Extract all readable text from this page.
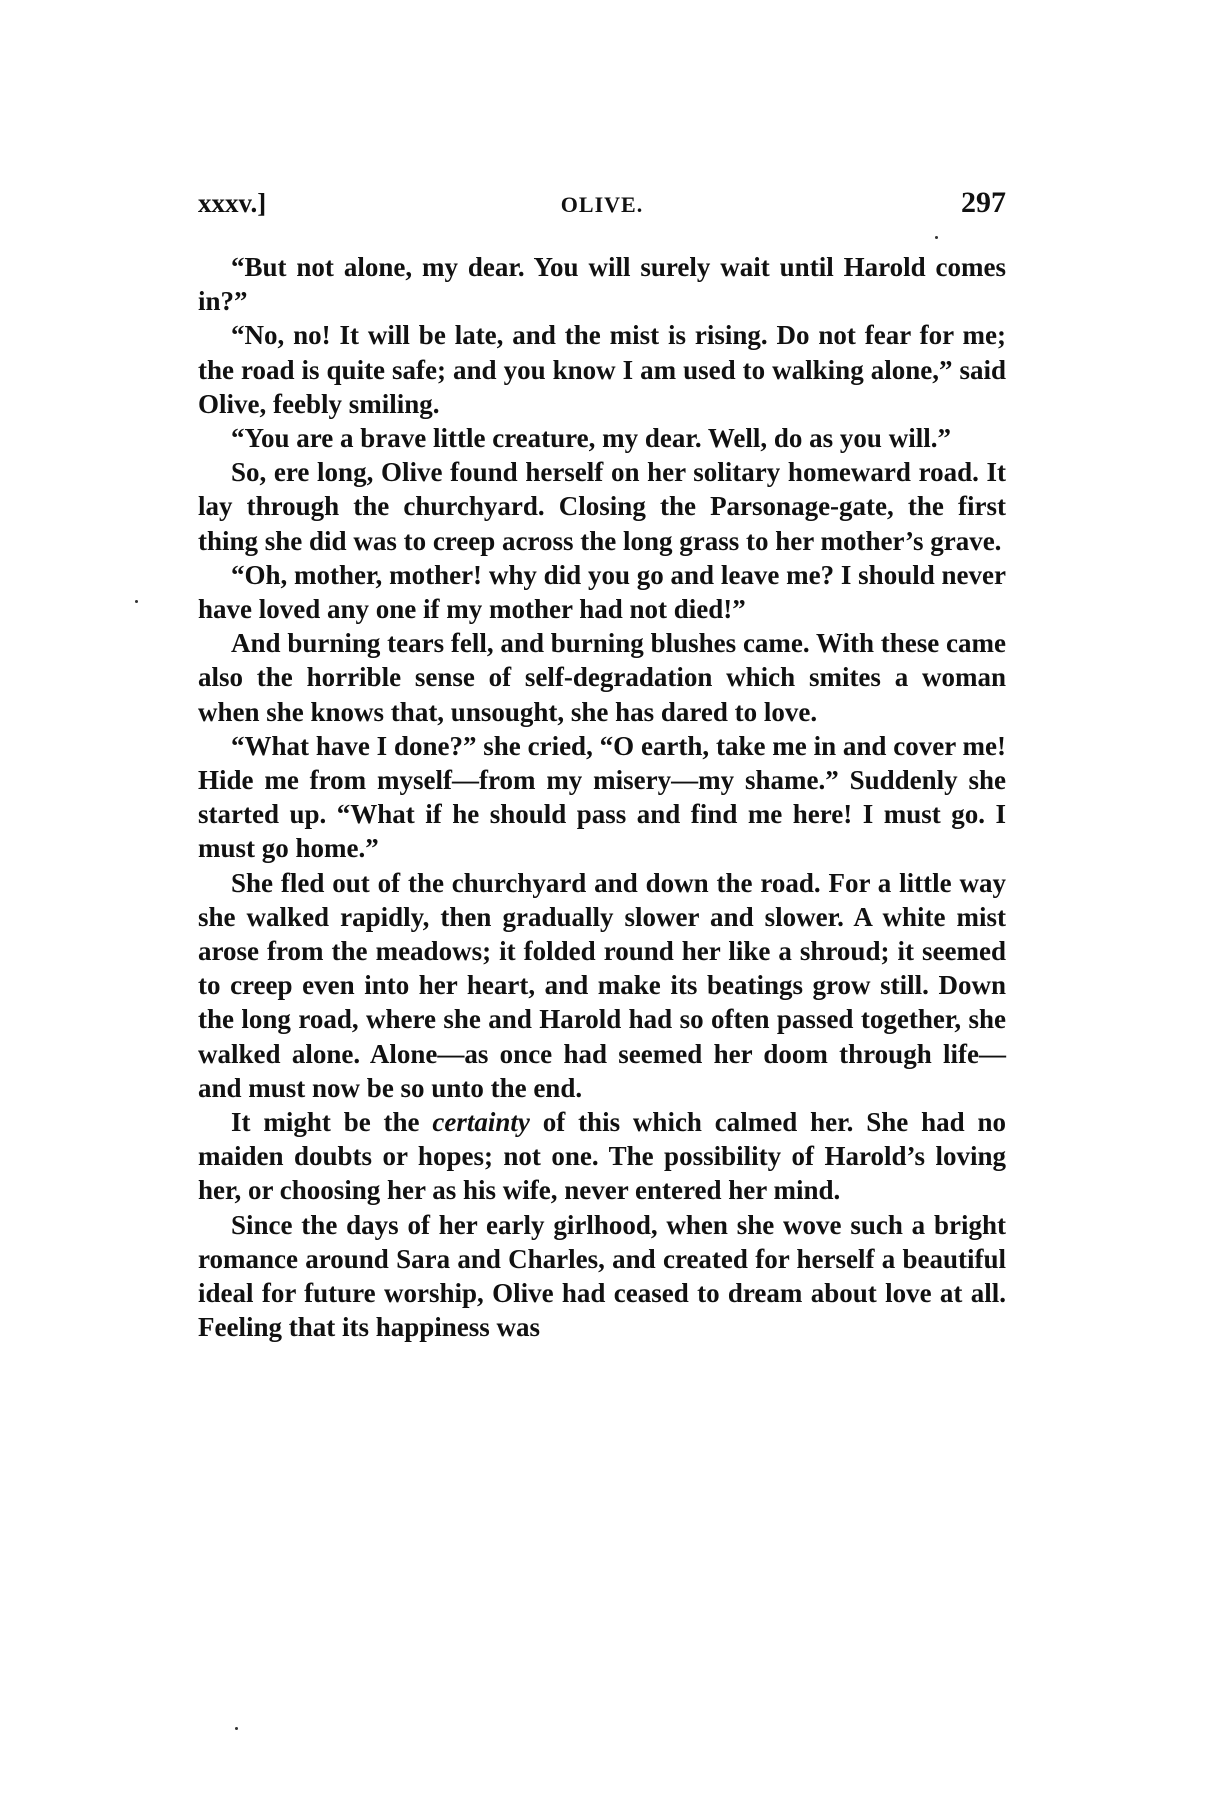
xxxv.]	OLIVE.	297

“But not alone, my dear. You will surely wait until Harold comes in?”

“No, no! It will be late, and the mist is rising. Do not fear for me; the road is quite safe; and you know I am used to walking alone,” said Olive, feebly smiling.

“You are a brave little creature, my dear. Well, do as you will.”

So, ere long, Olive found herself on her solitary homeward road. It lay through the churchyard. Closing the Parsonage-gate, the first thing she did was to creep across the long grass to her mother’s grave.

“Oh, mother, mother! why did you go and leave me? I should never have loved any one if my mother had not died!”

And burning tears fell, and burning blushes came. With these came also the horrible sense of self-degradation which smites a woman when she knows that, unsought, she has dared to love.

“What have I done?” she cried, “O earth, take me in and cover me! Hide me from myself—from my misery—my shame.” Suddenly she started up. “What if he should pass and find me here! I must go. I must go home.”

She fled out of the churchyard and down the road. For a little way she walked rapidly, then gradually slower and slower. A white mist arose from the meadows; it folded round her like a shroud; it seemed to creep even into her heart, and make its beatings grow still. Down the long road, where she and Harold had so often passed together, she walked alone. Alone—as once had seemed her doom through life—and must now be so unto the end.

It might be the certainty of this which calmed her. She had no maiden doubts or hopes; not one. The possibility of Harold’s loving her, or choosing her as his wife, never entered her mind.

Since the days of her early girlhood, when she wove such a bright romance around Sara and Charles, and created for herself a beautiful ideal for future worship, Olive had ceased to dream about love at all. Feeling that its happiness was
